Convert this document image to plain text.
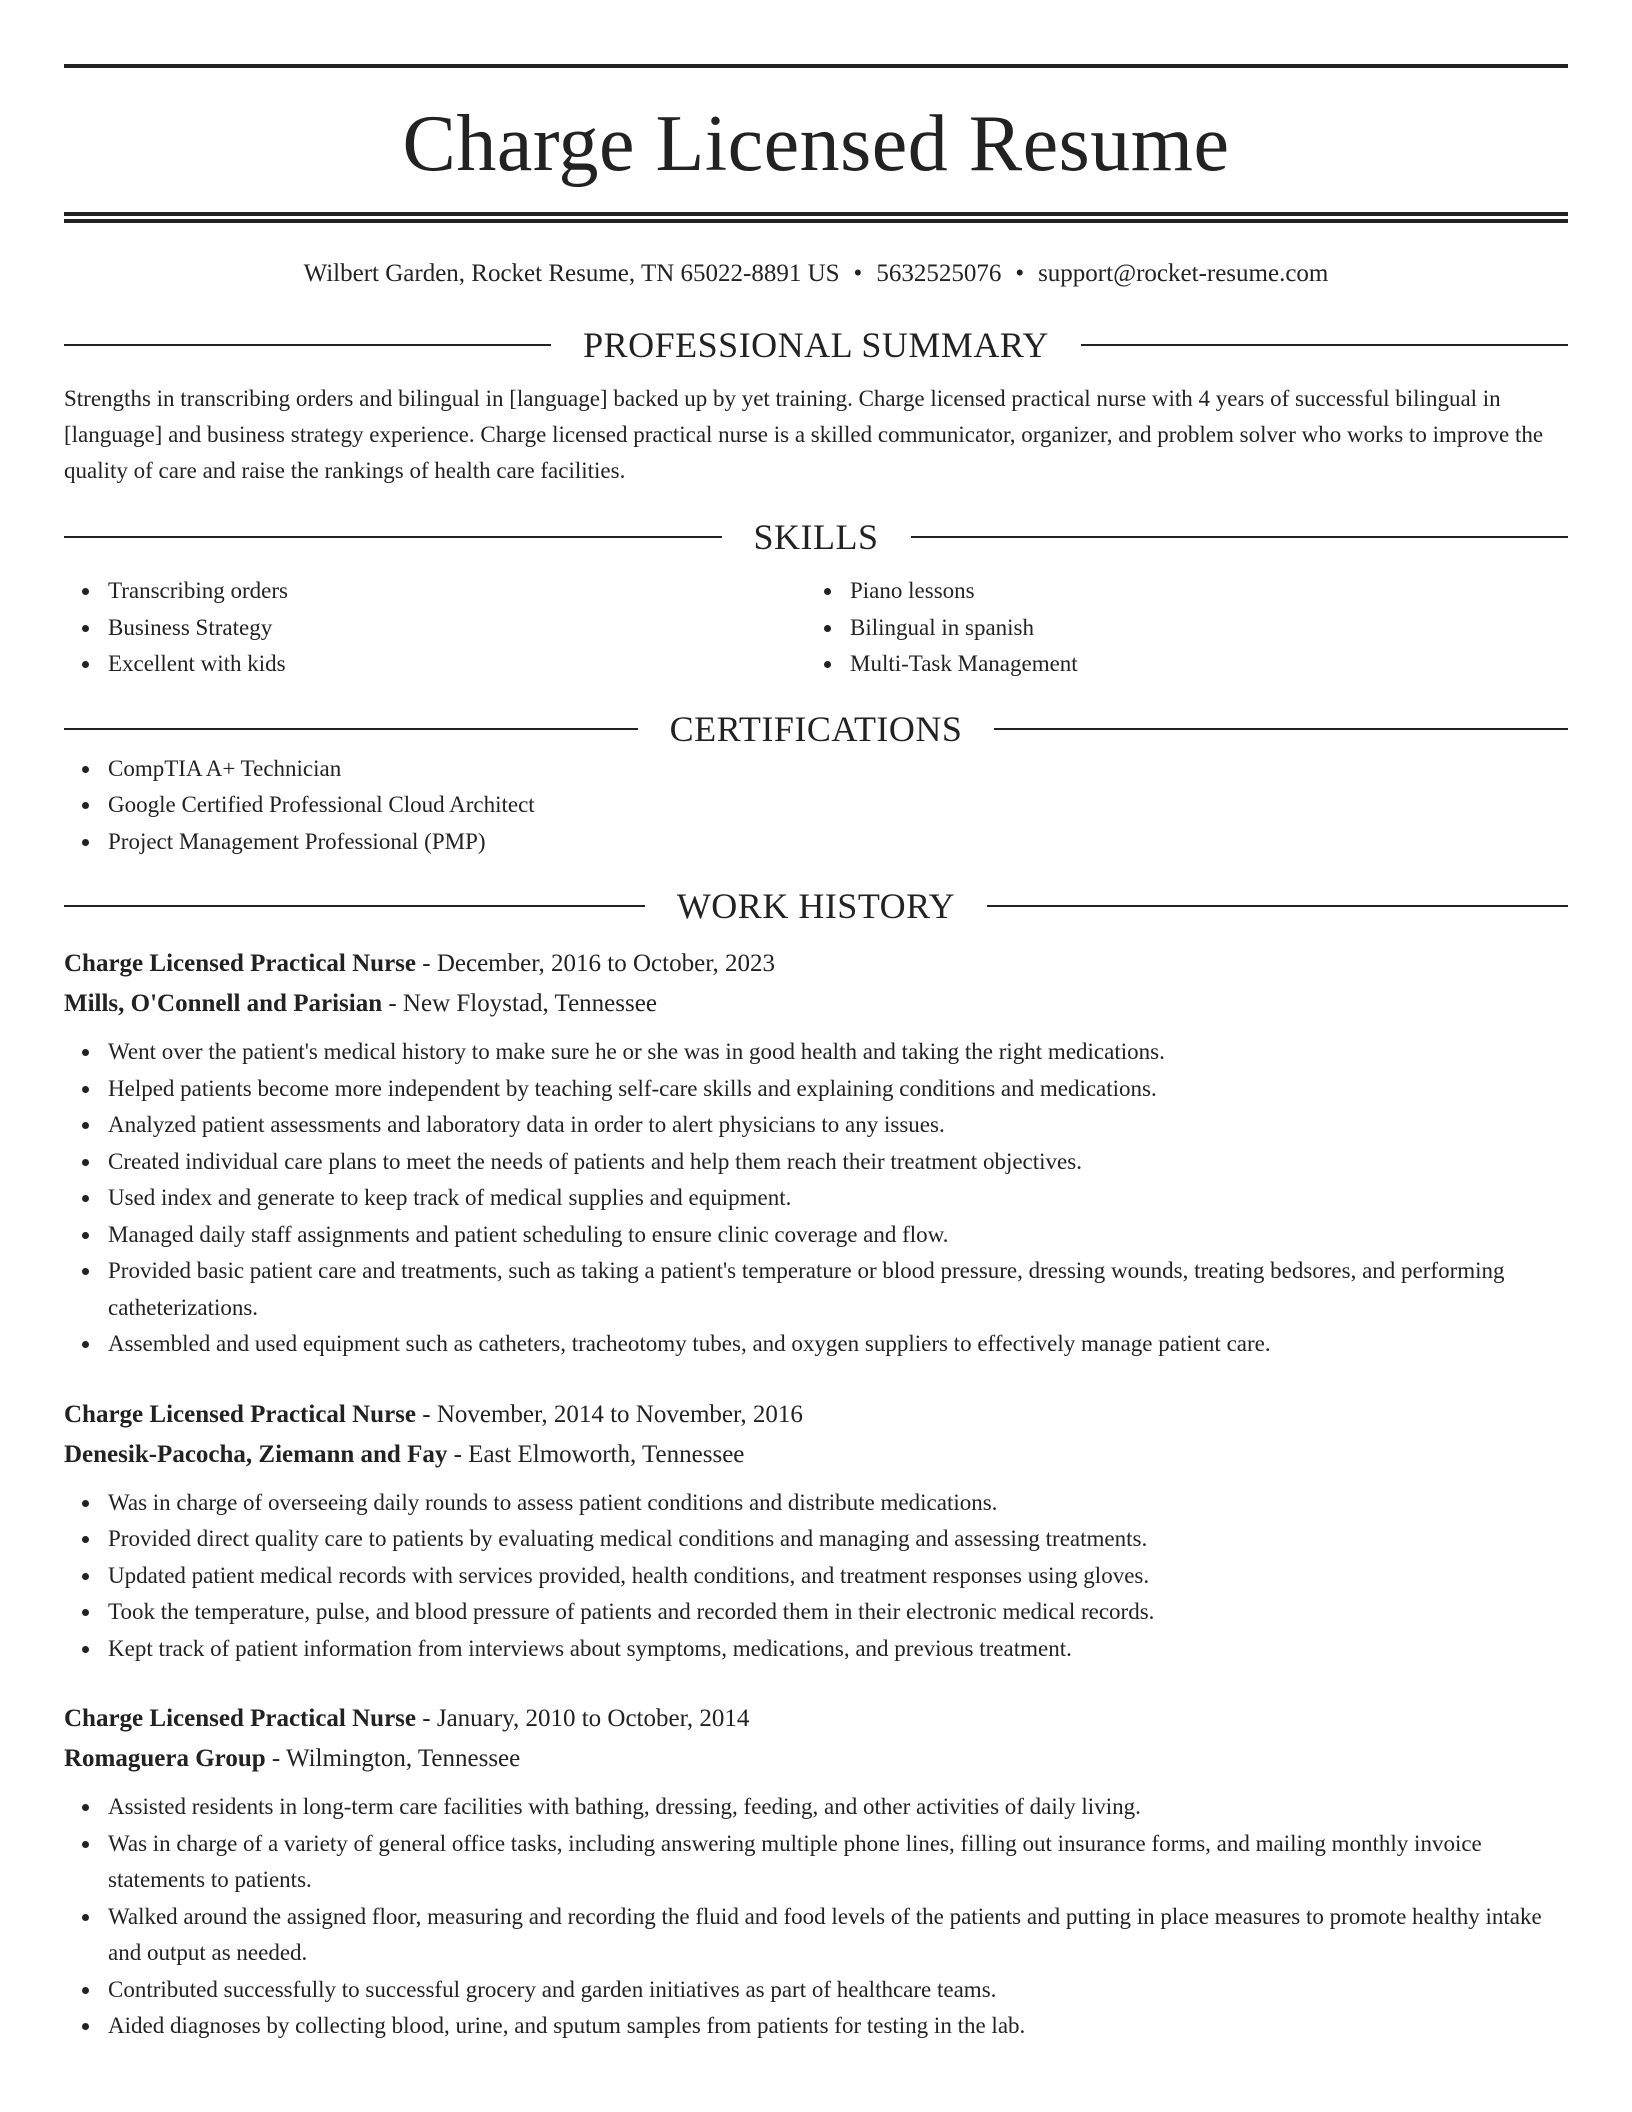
Charge Licensed Resume
Wilbert Garden, Rocket Resume, TN 65022-8891 US • 5632525076 • support@rocket-resume.com
PROFESSIONAL SUMMARY
Strengths in transcribing orders and bilingual in [language] backed up by yet training. Charge licensed practical nurse with 4 years of successful bilingual in [language] and business strategy experience. Charge licensed practical nurse is a skilled communicator, organizer, and problem solver who works to improve the quality of care and raise the rankings of health care facilities.
SKILLS
Transcribing orders
Business Strategy
Excellent with kids
Piano lessons
Bilingual in spanish
Multi-Task Management
CERTIFICATIONS
CompTIA A+ Technician
Google Certified Professional Cloud Architect
Project Management Professional (PMP)
WORK HISTORY
Charge Licensed Practical Nurse - December, 2016 to October, 2023
Mills, O'Connell and Parisian - New Floystad, Tennessee
Went over the patient's medical history to make sure he or she was in good health and taking the right medications.
Helped patients become more independent by teaching self-care skills and explaining conditions and medications.
Analyzed patient assessments and laboratory data in order to alert physicians to any issues.
Created individual care plans to meet the needs of patients and help them reach their treatment objectives.
Used index and generate to keep track of medical supplies and equipment.
Managed daily staff assignments and patient scheduling to ensure clinic coverage and flow.
Provided basic patient care and treatments, such as taking a patient's temperature or blood pressure, dressing wounds, treating bedsores, and performing catheterizations.
Assembled and used equipment such as catheters, tracheotomy tubes, and oxygen suppliers to effectively manage patient care.
Charge Licensed Practical Nurse - November, 2014 to November, 2016
Denesik-Pacocha, Ziemann and Fay - East Elmoworth, Tennessee
Was in charge of overseeing daily rounds to assess patient conditions and distribute medications.
Provided direct quality care to patients by evaluating medical conditions and managing and assessing treatments.
Updated patient medical records with services provided, health conditions, and treatment responses using gloves.
Took the temperature, pulse, and blood pressure of patients and recorded them in their electronic medical records.
Kept track of patient information from interviews about symptoms, medications, and previous treatment.
Charge Licensed Practical Nurse - January, 2010 to October, 2014
Romaguera Group - Wilmington, Tennessee
Assisted residents in long-term care facilities with bathing, dressing, feeding, and other activities of daily living.
Was in charge of a variety of general office tasks, including answering multiple phone lines, filling out insurance forms, and mailing monthly invoice statements to patients.
Walked around the assigned floor, measuring and recording the fluid and food levels of the patients and putting in place measures to promote healthy intake and output as needed.
Contributed successfully to successful grocery and garden initiatives as part of healthcare teams.
Aided diagnoses by collecting blood, urine, and sputum samples from patients for testing in the lab.
